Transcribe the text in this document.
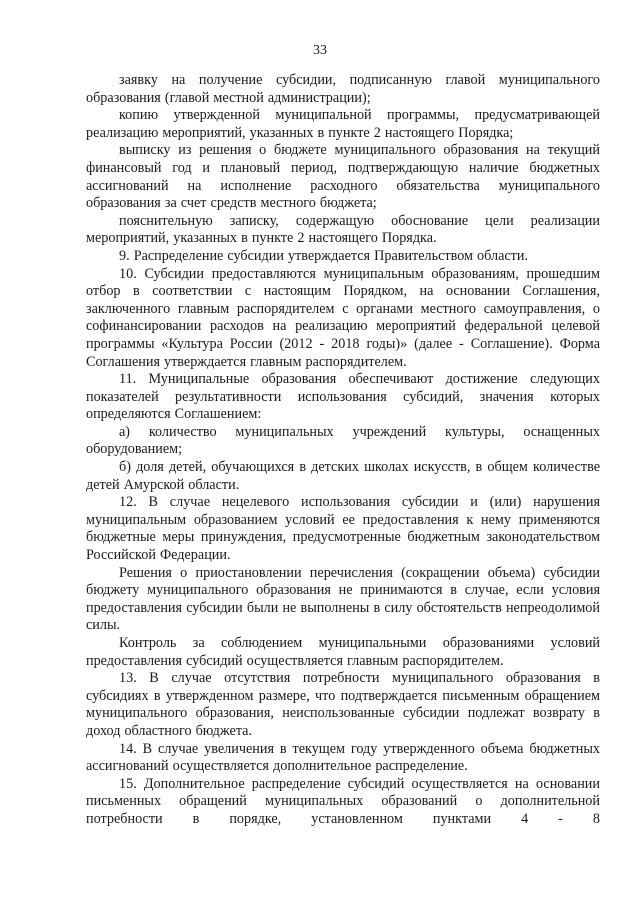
33

заявку на получение субсидии, подписанную главой муниципального образования (главой местной администрации);

копию утвержденной муниципальной программы, предусматривающей реализацию мероприятий, указанных в пункте 2 настоящего Порядка;

выписку из решения о бюджете муниципального образования на текущий финансовый год и плановый период, подтверждающую наличие бюджетных ассигнований на исполнение расходного обязательства муниципального образования за счет средств местного бюджета;

пояснительную записку, содержащую обоснование цели реализации мероприятий, указанных в пункте 2 настоящего Порядка.

9. Распределение субсидии утверждается Правительством области.

10. Субсидии предоставляются муниципальным образованиям, прошедшим отбор в соответствии с настоящим Порядком, на основании Соглашения, заключенного главным распорядителем с органами местного самоуправления, о софинансировании расходов на реализацию мероприятий федеральной целевой программы «Культура России (2012 - 2018 годы)» (далее - Соглашение). Форма Соглашения утверждается главным распорядителем.

11. Муниципальные образования обеспечивают достижение следующих показателей результативности использования субсидий, значения которых определяются Соглашением:

а) количество муниципальных учреждений культуры, оснащенных оборудованием;

б) доля детей, обучающихся в детских школах искусств, в общем количестве детей Амурской области.

12. В случае нецелевого использования субсидии и (или) нарушения муниципальным образованием условий ее предоставления к нему применяются бюджетные меры принуждения, предусмотренные бюджетным законодательством Российской Федерации.

Решения о приостановлении перечисления (сокращении объема) субсидии бюджету муниципального образования не принимаются в случае, если условия предоставления субсидии были не выполнены в силу обстоятельств непреодолимой силы.

Контроль за соблюдением муниципальными образованиями условий предоставления субсидий осуществляется главным распорядителем.

13. В случае отсутствия потребности муниципального образования в субсидиях в утвержденном размере, что подтверждается письменным обращением муниципального образования, неиспользованные субсидии подлежат возврату в доход областного бюджета.

14. В случае увеличения в текущем году утвержденного объема бюджетных ассигнований осуществляется дополнительное распределение.

15. Дополнительное распределение субсидий осуществляется на основании письменных обращений муниципальных образований о дополнительной потребности в порядке, установленном пунктами 4 - 8
